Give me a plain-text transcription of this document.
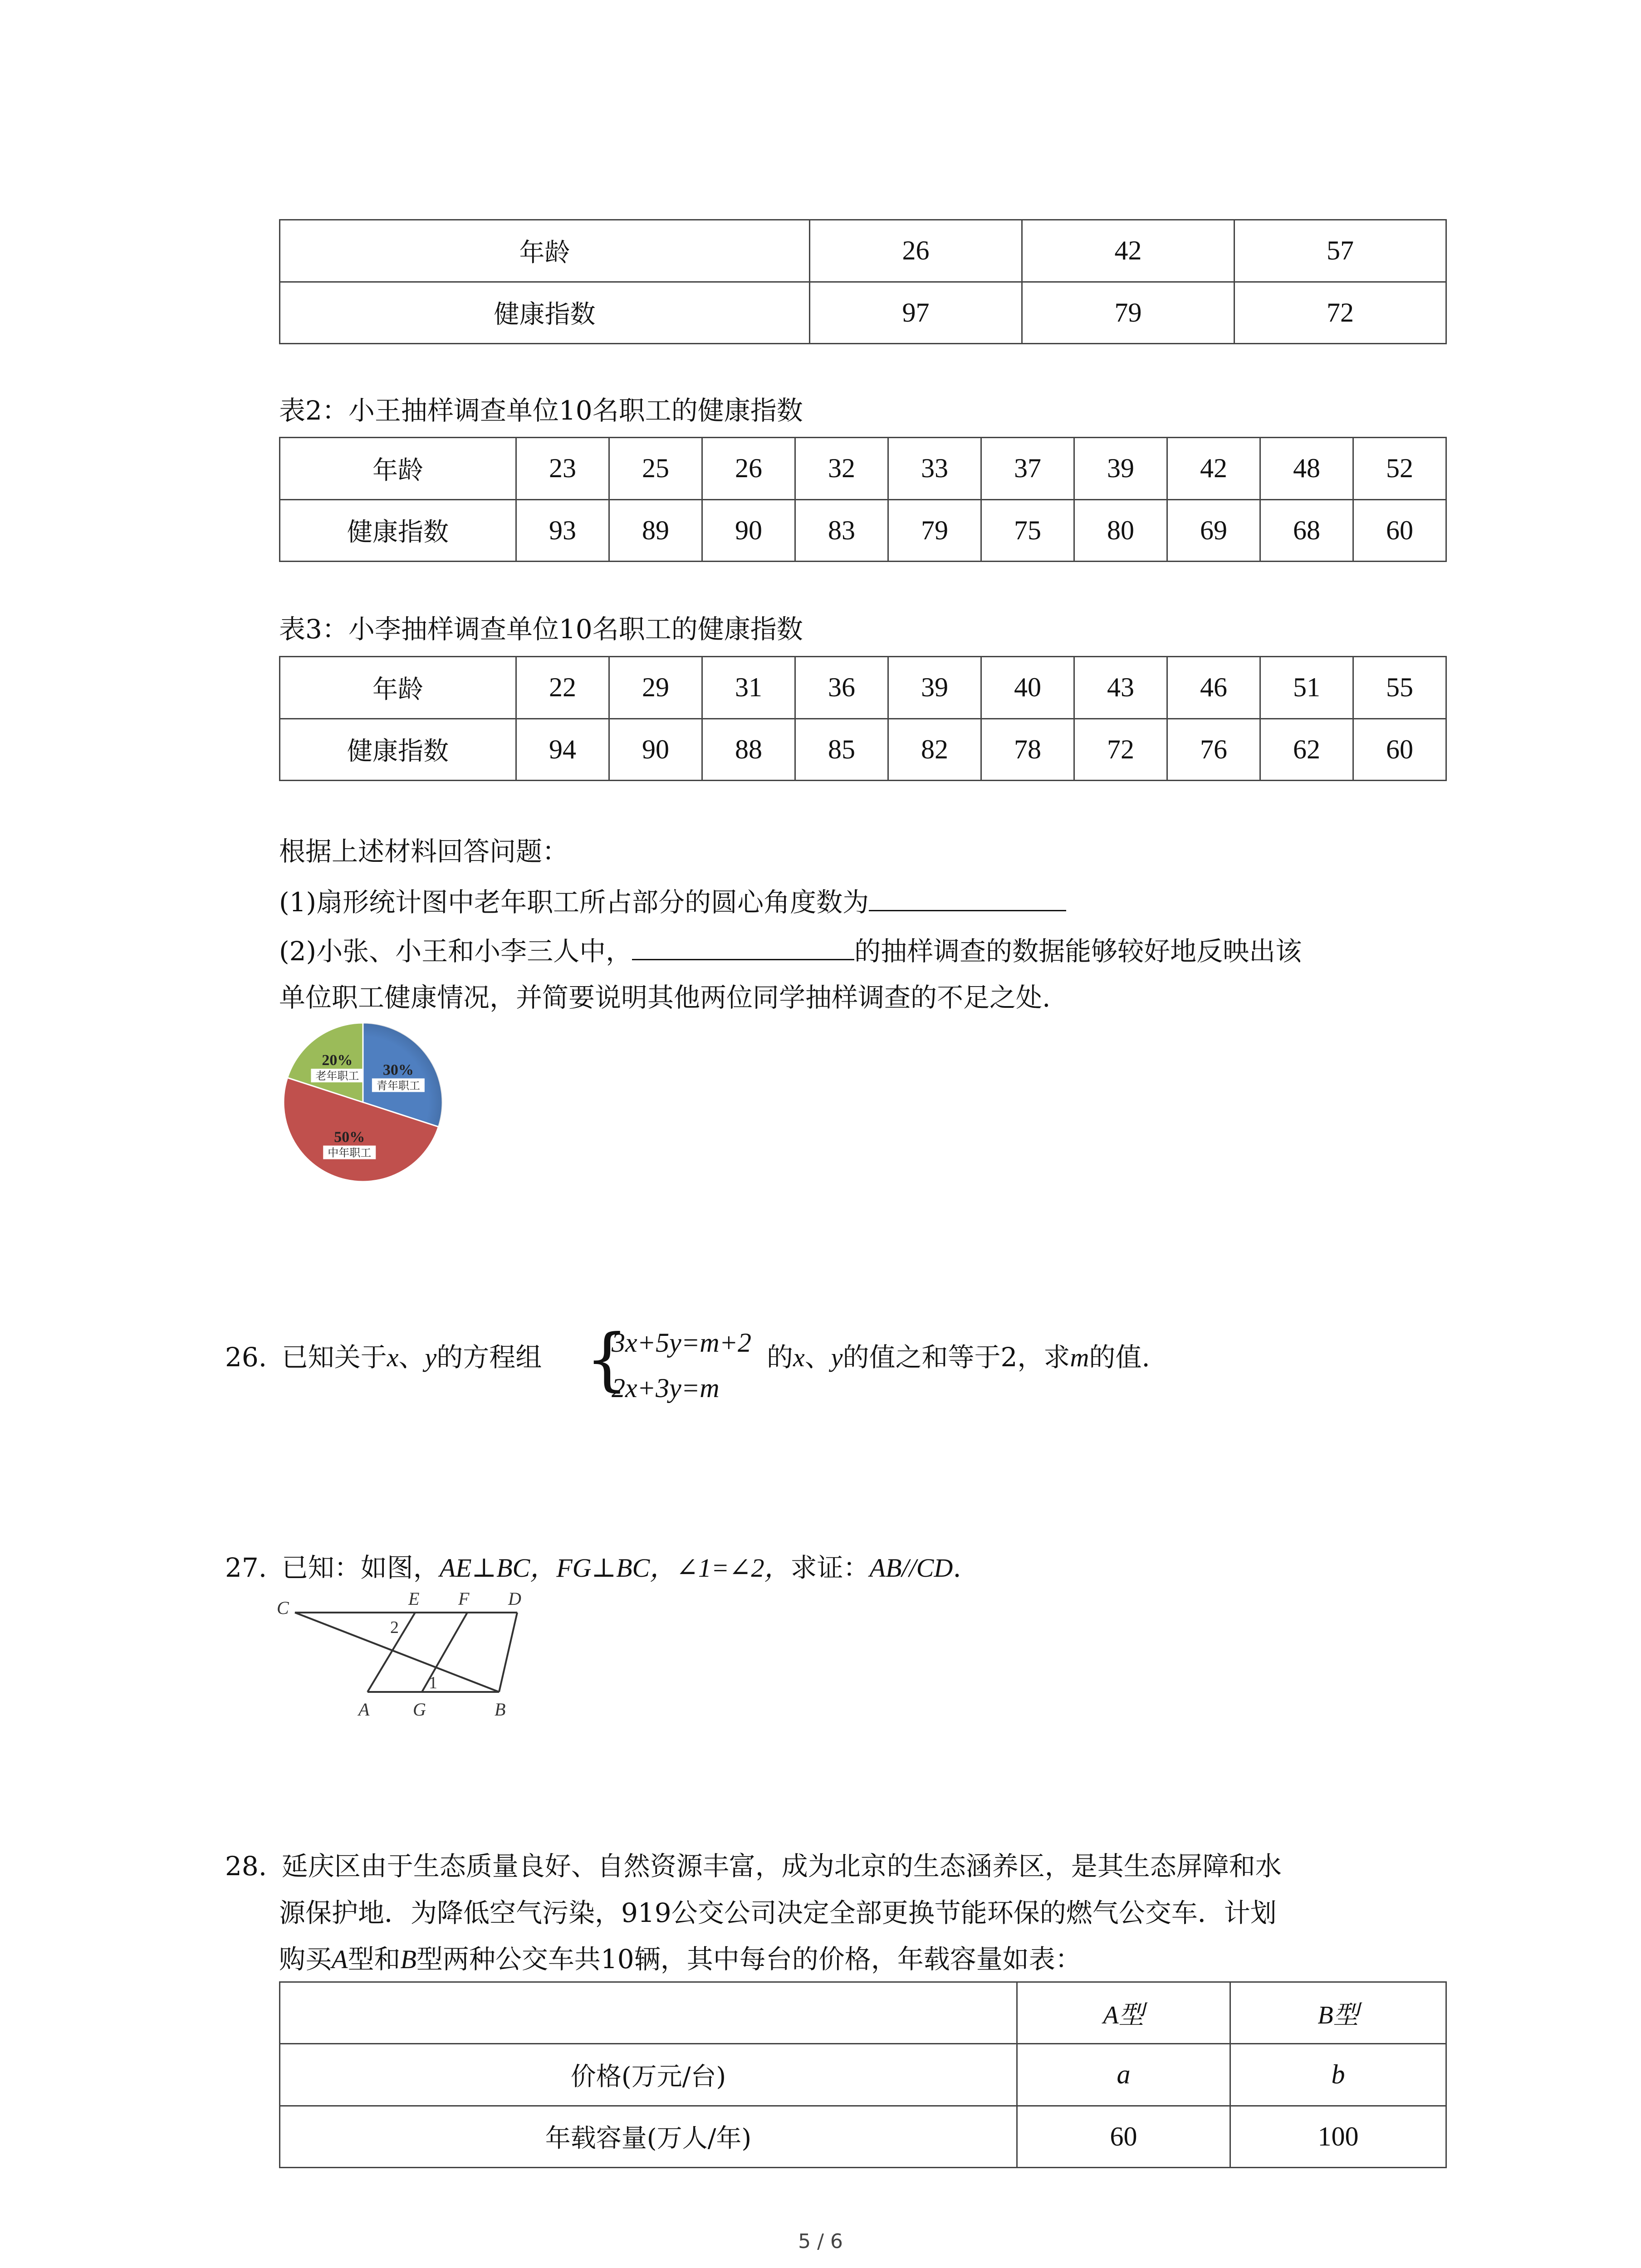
年龄	26	42	57
健康指数	97	79	72
表2：小王抽样调查单位10名职工的健康指数
年龄	23	25	26	32	33	37	39	42	48	52
健康指数	93	89	90	83	79	75	80	69	68	60
表3：小李抽样调查单位10名职工的健康指数
年龄	22	29	31	36	39	40	43	46	51	55
健康指数	94	90	88	85	82	78	72	76	62	60
根据上述材料回答问题：
(1)扇形统计图中老年职工所占部分的圆心角度数为
(2)小张、小王和小李三人中，	的抽样调查的数据能够较好地反映出该
单位职工健康情况，并简要说明其他两位同学抽样调查的不足之处.
30%
青年职工
50%
中年职工
20%
老年职工
26. 已知关于x、y的方程组 {
3x+5y=m+2
2x+3y=m
的x、y的值之和等于2，求m的值.
27. 已知：如图，AE⊥BC，FG⊥BC，∠1=∠2，求证：AB//CD.
C	E F D
A G	B
2
1
28. 延庆区由于生态质量良好、自然资源丰富，成为北京的生态涵养区，是其生态屏障和水
源保护地．为降低空气污染，919公交公司决定全部更换节能环保的燃气公交车．计划
购买A型和B型两种公交车共10辆，其中每台的价格，年载容量如表：
	A型	B型
价格(万元/台)	a	b
年载容量(万人/年)	60	100
5 / 6
